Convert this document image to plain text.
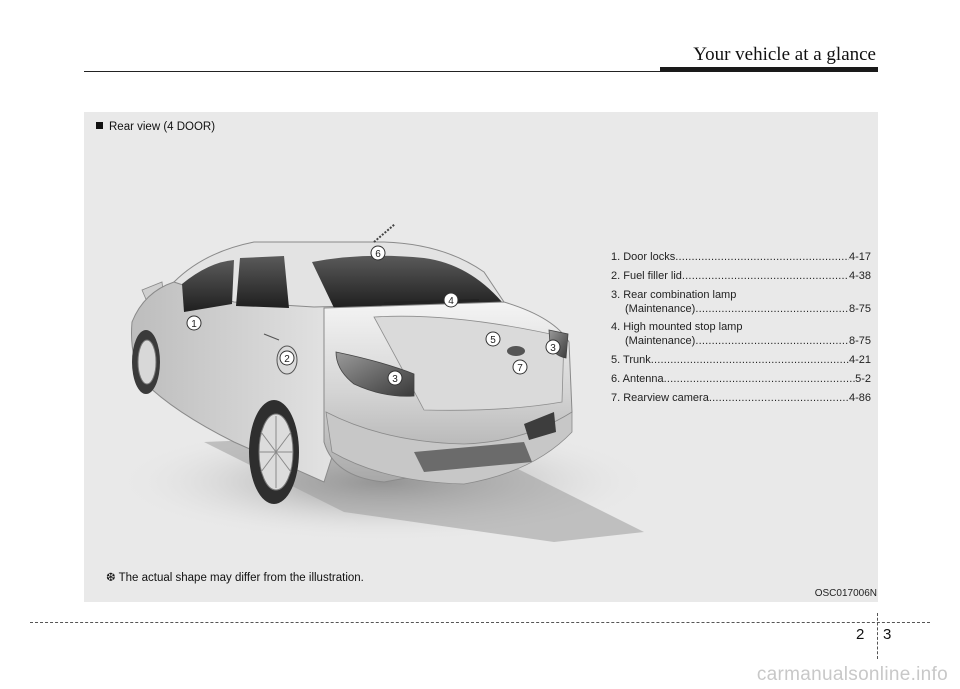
Your vehicle at a glance
Rear view (4 DOOR)
1
2
3
3
4
5
6
7
1. Door locks .....	4-17
2. Fuel filler lid .....	4-38
3. Rear combination lamp
(Maintenance) .....	8-75
4. High mounted stop lamp
(Maintenance) .....	8-75
5. Trunk .....	4-21
6. Antenna .....	5-2
7. Rearview camera .....	4-86
❆ The actual shape may differ from the illustration.
OSC017006N
2 3
carmanualsonline.info
